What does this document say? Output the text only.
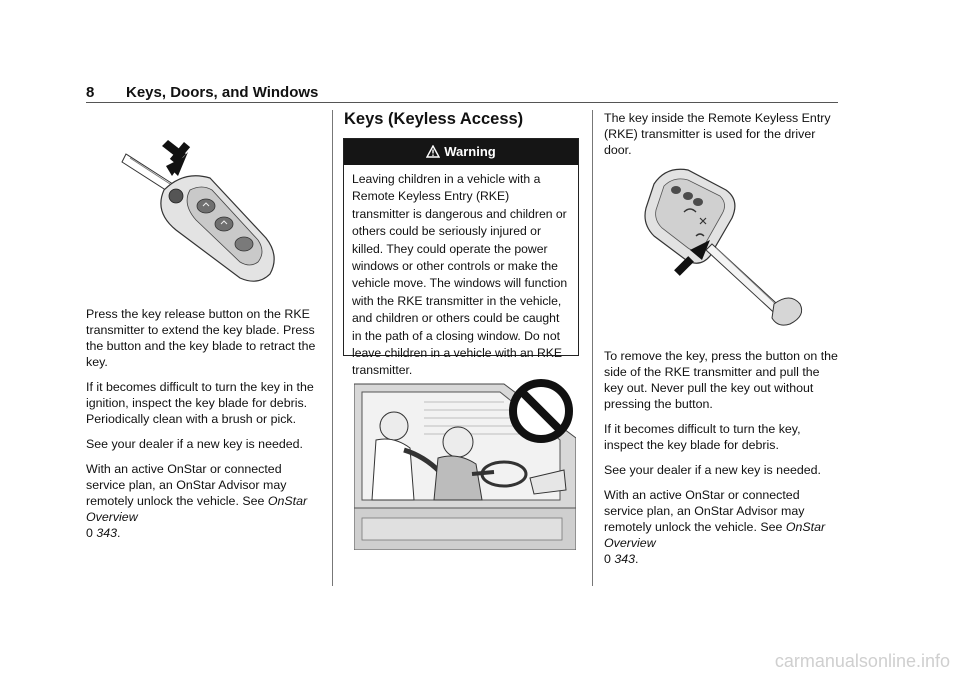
8 Keys, Doors, and Windows

Press the key release button on the RKE transmitter to extend the key blade. Press the button and the key blade to retract the key.

If it becomes difficult to turn the key in the ignition, inspect the key blade for debris. Periodically clean with a brush or pick.

See your dealer if a new key is needed.

With an active OnStar or connected service plan, an OnStar Advisor may remotely unlock the vehicle. See OnStar Overview
0 343.

Keys (Keyless Access)
Warning
Leaving children in a vehicle with a Remote Keyless Entry (RKE) transmitter is dangerous and children or others could be seriously injured or killed. They could operate the power windows or other controls or make the vehicle move. The windows will function with the RKE transmitter in the vehicle, and children or others could be caught in the path of a closing window. Do not leave children in a vehicle with an RKE transmitter.

The key inside the Remote Keyless Entry (RKE) transmitter is used for the driver door.

To remove the key, press the button on the side of the RKE transmitter and pull the key out. Never pull the key out without pressing the button.

If it becomes difficult to turn the key, inspect the key blade for debris.

See your dealer if a new key is needed.

With an active OnStar or connected service plan, an OnStar Advisor may remotely unlock the vehicle. See OnStar Overview
0 343.

carmanualsonline.info
